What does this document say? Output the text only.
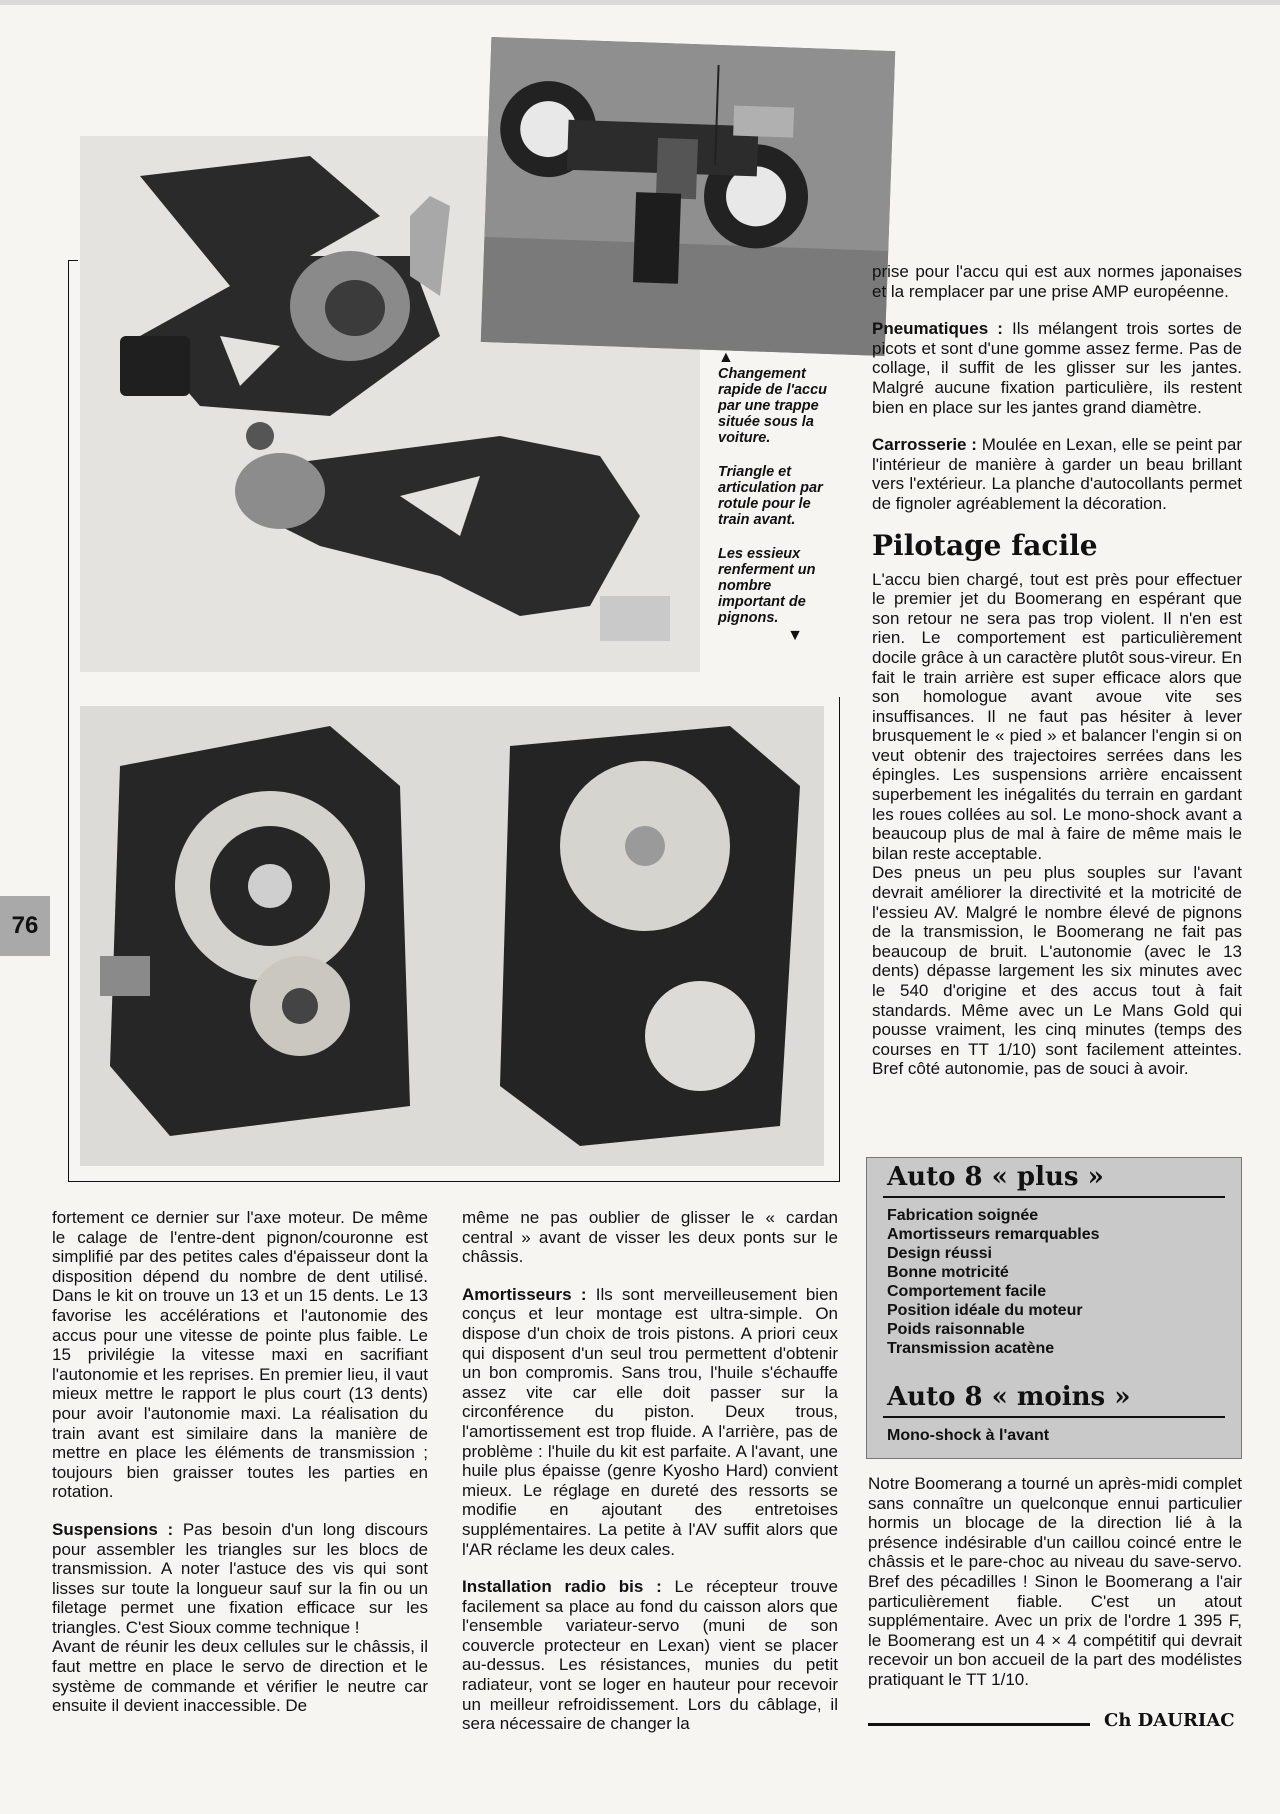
76
▲

Changement rapide de l'accu par une trappe située sous la voiture.

Triangle et articulation par rotule pour le train avant.

Les essieux renferment un nombre important de pignons.

▼

prise pour l'accu qui est aux normes japonaises et la remplacer par une prise AMP européenne.

Pneumatiques : Ils mélangent trois sortes de picots et sont d'une gomme assez ferme. Pas de collage, il suffit de les glisser sur les jantes. Malgré aucune fixation particulière, ils restent bien en place sur les jantes grand diamètre.

Carrosserie : Moulée en Lexan, elle se peint par l'intérieur de manière à garder un beau brillant vers l'extérieur. La planche d'autocollants permet de fignoler agréablement la décoration.

Pilotage facile
L'accu bien chargé, tout est près pour effectuer le premier jet du Boomerang en espérant que son retour ne sera pas trop violent. Il n'en est rien. Le comportement est particulièrement docile grâce à un caractère plutôt sous-vireur. En fait le train arrière est super efficace alors que son homologue avant avoue vite ses insuffisances. Il ne faut pas hésiter à lever brusquement le « pied » et balancer l'engin si on veut obtenir des trajectoires serrées dans les épingles. Les suspensions arrière encaissent superbement les inégalités du terrain en gardant les roues collées au sol. Le mono-shock avant a beaucoup plus de mal à faire de même mais le bilan reste acceptable.
Des pneus un peu plus souples sur l'avant devrait améliorer la directivité et la motricité de l'essieu AV. Malgré le nombre élevé de pignons de la transmission, le Boomerang ne fait pas beaucoup de bruit. L'autonomie (avec le 13 dents) dépasse largement les six minutes avec le 540 d'origine et des accus tout à fait standards. Même avec un Le Mans Gold qui pousse vraiment, les cinq minutes (temps des courses en TT 1/10) sont facilement atteintes. Bref côté autonomie, pas de souci à avoir.
Auto 8 « plus »
Fabrication soignée
Amortisseurs remarquables
Design réussi
Bonne motricité
Comportement facile
Position idéale du moteur
Poids raisonnable
Transmission acatène
Auto 8 « moins »
Mono-shock à l'avant

fortement ce dernier sur l'axe moteur. De même le calage de l'entre-dent pignon/couronne est simplifié par des petites cales d'épaisseur dont la disposition dépend du nombre de dent utilisé. Dans le kit on trouve un 13 et un 15 dents. Le 13 favorise les accélérations et l'autonomie des accus pour une vitesse de pointe plus faible. Le 15 privilégie la vitesse maxi en sacrifiant l'autonomie et les reprises. En premier lieu, il vaut mieux mettre le rapport le plus court (13 dents) pour avoir l'autonomie maxi. La réalisation du train avant est similaire dans la manière de mettre en place les éléments de transmission ; toujours bien graisser toutes les parties en rotation.

Suspensions : Pas besoin d'un long discours pour assembler les triangles sur les blocs de transmission. A noter l'astuce des vis qui sont lisses sur toute la longueur sauf sur la fin ou un filetage permet une fixation efficace sur les triangles. C'est Sioux comme technique !
Avant de réunir les deux cellules sur le châssis, il faut mettre en place le servo de direction et le système de commande et vérifier le neutre car ensuite il devient inaccessible. De

même ne pas oublier de glisser le « cardan central » avant de visser les deux ponts sur le châssis.

Amortisseurs : Ils sont merveilleusement bien conçus et leur montage est ultra-simple. On dispose d'un choix de trois pistons. A priori ceux qui disposent d'un seul trou permettent d'obtenir un bon compromis. Sans trou, l'huile s'échauffe assez vite car elle doit passer sur la circonférence du piston. Deux trous, l'amortissement est trop fluide. A l'arrière, pas de problème : l'huile du kit est parfaite. A l'avant, une huile plus épaisse (genre Kyosho Hard) convient mieux. Le réglage en dureté des ressorts se modifie en ajoutant des entretoises supplémentaires. La petite à l'AV suffit alors que l'AR réclame les deux cales.

Installation radio bis : Le récepteur trouve facilement sa place au fond du caisson alors que l'ensemble variateur-servo (muni de son couvercle protecteur en Lexan) vient se placer au-dessus. Les résistances, munies du petit radiateur, vont se loger en hauteur pour recevoir un meilleur refroidissement. Lors du câblage, il sera nécessaire de changer la
Notre Boomerang a tourné un après-midi complet sans connaître un quelconque ennui particulier hormis un blocage de la direction lié à la présence indésirable d'un caillou coincé entre le châssis et le pare-choc au niveau du save-servo. Bref des pécadilles ! Sinon le Boomerang a l'air particulièrement fiable. C'est un atout supplémentaire. Avec un prix de l'ordre 1 395 F, le Boomerang est un 4 × 4 compétitif qui devrait recevoir un bon accueil de la part des modélistes pratiquant le TT 1/10.
Ch DAURIAC
